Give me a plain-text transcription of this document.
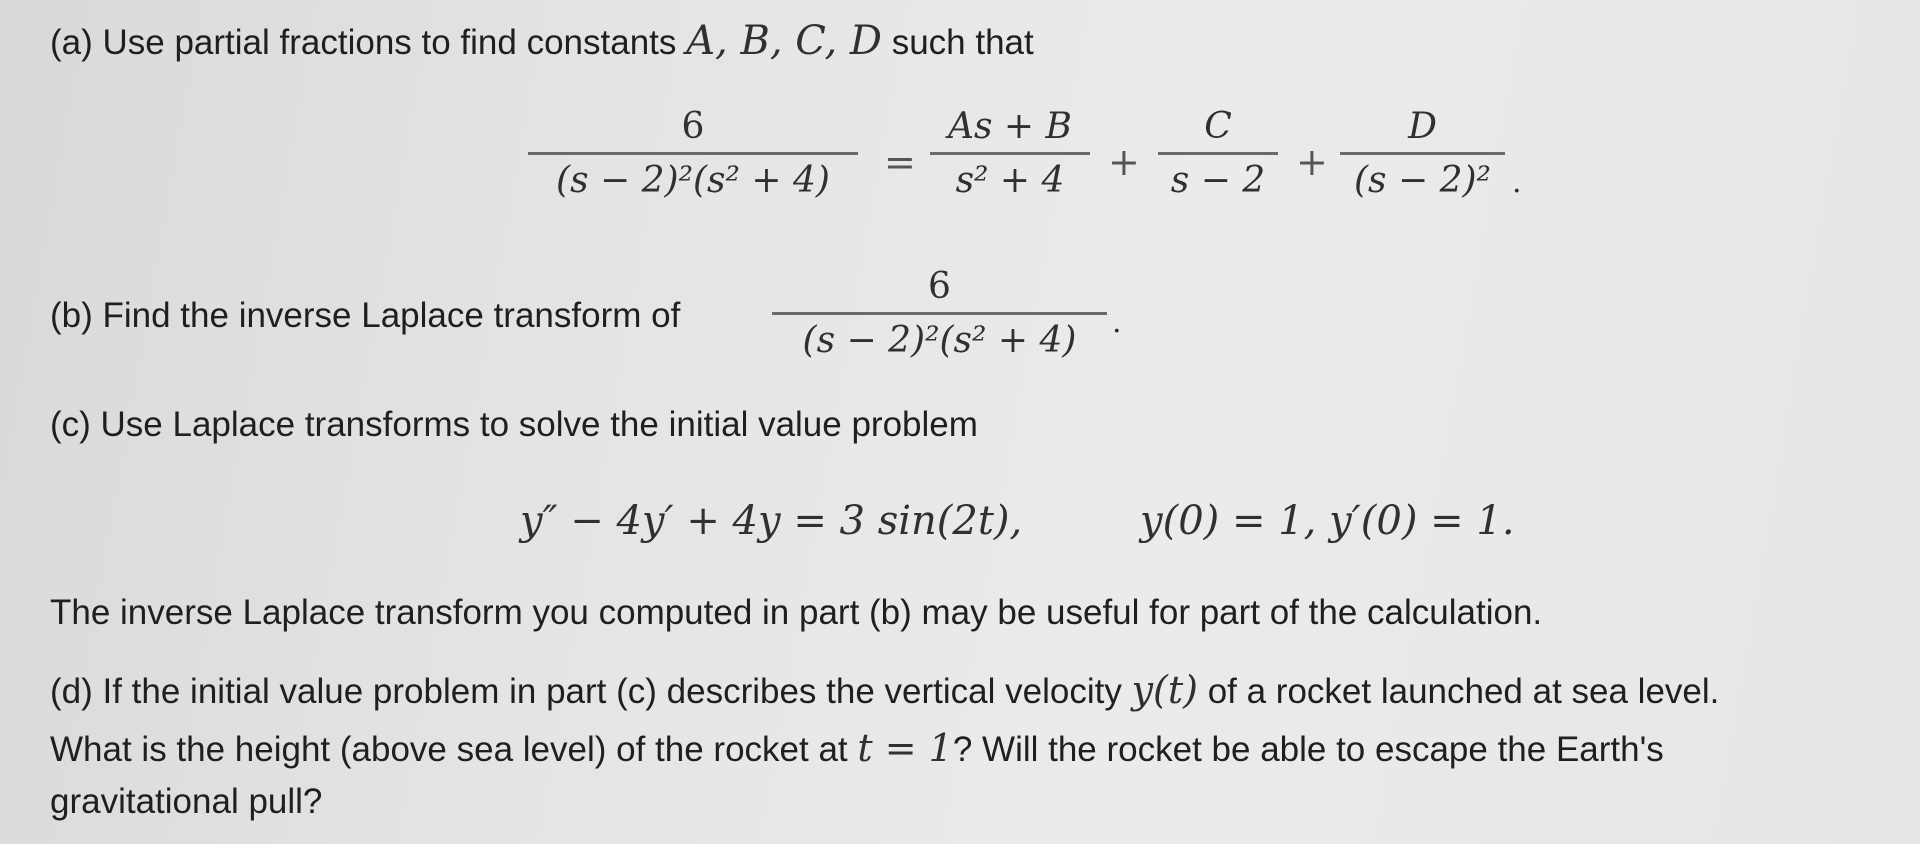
(a) Use partial fractions to find constants A, B, C, D such that
6
(s − 2)²(s² + 4) =
As + B
s² + 4 +
C
s − 2 +
D
(s − 2)² .
(b) Find the inverse Laplace transform of
6
(s − 2)²(s² + 4) .
(c) Use Laplace transforms to solve the initial value problem
y″ − 4y′ + 4y = 3 sin(2t),	y(0) = 1, y′(0) = 1.
The inverse Laplace transform you computed in part (b) may be useful for part of the calculation.
(d) If the initial value problem in part (c) describes the vertical velocity y(t) of a rocket launched at sea level.
What is the height (above sea level) of the rocket at t = 1? Will the rocket be able to escape the Earth's
gravitational pull?
